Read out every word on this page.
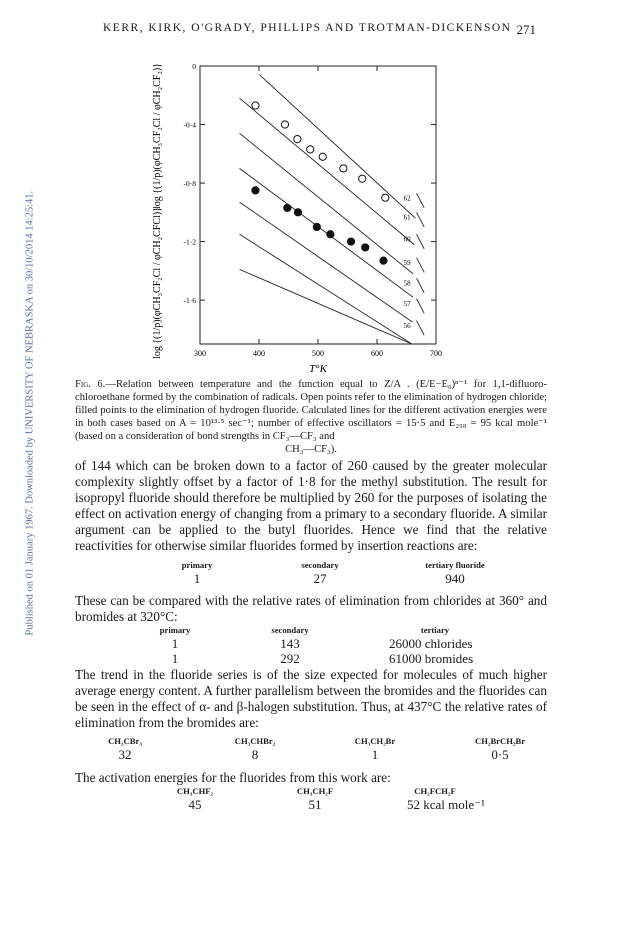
Published on 01 January 1967. Downloaded by UNIVERSITY OF NEBRASKA on 30/10/2014 14:25:41.
KERR, KIRK, O'GRADY, PHILLIPS AND TROTMAN-DICKENSON 271
300	400	500	600	700
0
-0·4
-0·8
-1·2
-1·6
62
61
60
59
58
57
56
log {(1/p)(φCH₃CF₂Cl / φCH₂CF₂)}
log {(1/p)(φCH₃CF₂Cl / φCH₂CFCl)}
T°K
Fig. 6.—Relation between temperature and the function equal to Z/A . (E/E−E₀)ⁿ⁻¹ for 1,1-difluoro-chloroethane formed by the combination of radicals. Open points refer to the elimination of hydrogen chloride; filled points to the elimination of hydrogen fluoride. Calculated lines for the different activation energies were in both cases based on A = 10¹³·⁵ sec⁻¹; number of effective oscillators = 15·5 and E₂₉₈ = 95 kcal mole⁻¹ (based on a consideration of bond strengths in CF₃—CF₃ and
CH₃—CF₃).
of 144 which can be broken down to a factor of 260 caused by the greater molecular complexity slightly offset by a factor of 1·8 for the methyl substitution. The result for isopropyl fluoride should therefore be multiplied by 260 for the purposes of isolating the effect on activation energy of changing from a primary to a secondary fluoride. A similar argument can be applied to the butyl fluorides. Hence we find that the relative reactivities for otherwise similar fluorides formed by insertion reactions are:
primary	secondary	tertiary fluoride
1	27	940
These can be compared with the relative rates of elimination from chlorides at 360° and bromides at 320°C:
primary	secondary	tertiary
1	143	26000 chlorides
1	292	61000 bromides
The trend in the fluoride series is of the size expected for molecules of much higher average energy content. A further parallelism between the bromides and the fluorides can be seen in the effect of α- and β-halogen substitution. Thus, at 437°C the relative rates of elimination from the bromides are:
CH₃CBr₃	CH₃CHBr₂	CH₃CH₂Br	CH₂BrCH₂Br
32	8	1	0·5
The activation energies for the fluorides from this work are:
CH₃CHF₂	CH₃CH₂F	CH₂FCH₂F
45	51	52 kcal mole⁻¹
